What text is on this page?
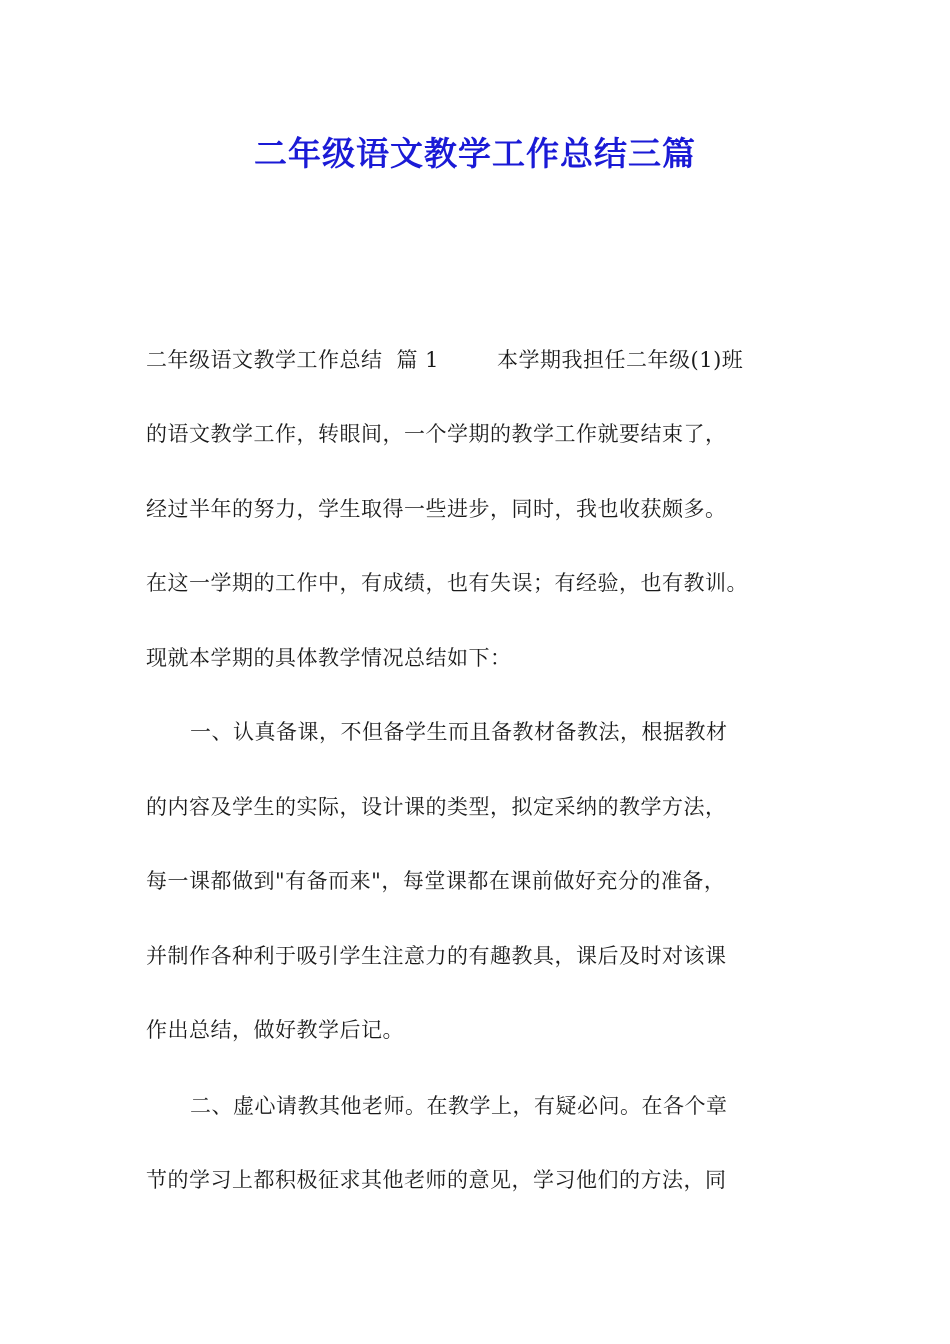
二年级语文教学工作总结三篇
二年级语文教学工作总结 篇 1	本学期我担任二年级(1)班
的语文教学工作，转眼间，一个学期的教学工作就要结束了，
经过半年的努力，学生取得一些进步，同时，我也收获颇多。
在这一学期的工作中，有成绩，也有失误；有经验，也有教训。
现就本学期的具体教学情况总结如下：
一、认真备课，不但备学生而且备教材备教法，根据教材
的内容及学生的实际，设计课的类型，拟定采纳的教学方法，
每一课都做到"有备而来"，每堂课都在课前做好充分的准备，
并制作各种利于吸引学生注意力的有趣教具，课后及时对该课
作出总结，做好教学后记。
二、虚心请教其他老师。在教学上，有疑必问。在各个章
节的学习上都积极征求其他老师的意见，学习他们的方法，同
